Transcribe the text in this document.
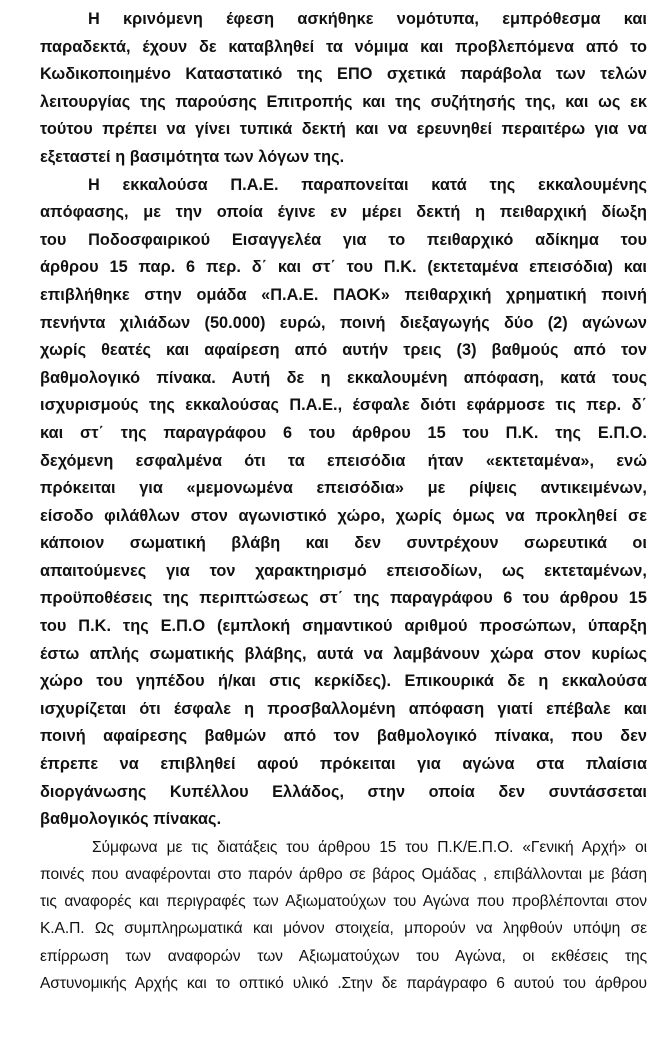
Η κρινόμενη έφεση ασκήθηκε νομότυπα, εμπρόθεσμα και
παραδεκτά, έχουν δε καταβληθεί τα νόμιμα και προβλεπόμενα από το
Κωδικοποιημένο Καταστατικό της ΕΠΟ σχετικά παράβολα των τελών
λειτουργίας της παρούσης Επιτροπής και της συζήτησής της, και ως εκ
τούτου πρέπει να γίνει τυπικά δεκτή και να ερευνηθεί περαιτέρω για να
εξεταστεί η βασιμότητα των λόγων της.

Η εκκαλούσα Π.Α.Ε. παραπονείται κατά της εκκαλουμένης
απόφασης, με την οποία έγινε εν μέρει δεκτή η πειθαρχική δίωξη
του Ποδοσφαιρικού Εισαγγελέα για το πειθαρχικό αδίκημα του
άρθρου 15 παρ. 6 περ. δ΄ και στ΄ του Π.Κ. (εκτεταμένα επεισόδια) και
επιβλήθηκε στην ομάδα «Π.Α.Ε. ΠΑΟΚ» πειθαρχική χρηματική ποινή
πενήντα χιλιάδων (50.000) ευρώ, ποινή διεξαγωγής δύο (2) αγώνων
χωρίς θεατές και αφαίρεση από αυτήν τρεις (3) βαθμούς από τον
βαθμολογικό πίνακα. Αυτή δε η εκκαλουμένη απόφαση, κατά τους
ισχυρισμούς της εκκαλούσας Π.Α.Ε., έσφαλε διότι εφάρμοσε τις περ. δ΄
και στ΄ της παραγράφου 6 του άρθρου 15 του Π.Κ. της Ε.Π.Ο.
δεχόμενη εσφαλμένα ότι τα επεισόδια ήταν «εκτεταμένα», ενώ
πρόκειται για «μεμονωμένα επεισόδια» με ρίψεις αντικειμένων,
είσοδο φιλάθλων στον αγωνιστικό χώρο, χωρίς όμως να προκληθεί σε
κάποιον σωματική βλάβη και δεν συντρέχουν σωρευτικά οι
απαιτούμενες για τον χαρακτηρισμό επεισοδίων, ως εκτεταμένων,
προϋποθέσεις της περιπτώσεως στ΄ της παραγράφου 6 του άρθρου 15
του Π.Κ. της Ε.Π.Ο (εμπλοκή σημαντικού αριθμού προσώπων, ύπαρξη
έστω απλής σωματικής βλάβης, αυτά να λαμβάνουν χώρα στον κυρίως
χώρο του γηπέδου ή/και στις κερκίδες). Επικουρικά δε η εκκαλούσα
ισχυρίζεται ότι έσφαλε η προσβαλλομένη απόφαση γιατί επέβαλε και
ποινή αφαίρεσης βαθμών από τον βαθμολογικό πίνακα, που δεν
έπρεπε να επιβληθεί αφού πρόκειται για αγώνα στα πλαίσια
διοργάνωσης Κυπέλλου Ελλάδος, στην οποία δεν συντάσσεται
βαθμολογικός πίνακας.

Σύμφωνα με τις διατάξεις του άρθρου 15 του Π.Κ/Ε.Π.Ο. «Γενική Αρχή» οι
ποινές που αναφέρονται στο παρόν άρθρο σε βάρος Ομάδας , επιβάλλονται με βάση
τις αναφορές και περιγραφές των Αξιωματούχων του Αγώνα που προβλέπονται στον
Κ.Α.Π. Ως συμπληρωματικά και μόνον στοιχεία, μπορούν να ληφθούν υπόψη σε
επίρρωση των αναφορών των Αξιωματούχων του Αγώνα, οι εκθέσεις της
Αστυνομικής Αρχής και το οπτικό υλικό .Στην δε παράγραφο 6 αυτού του άρθρου
